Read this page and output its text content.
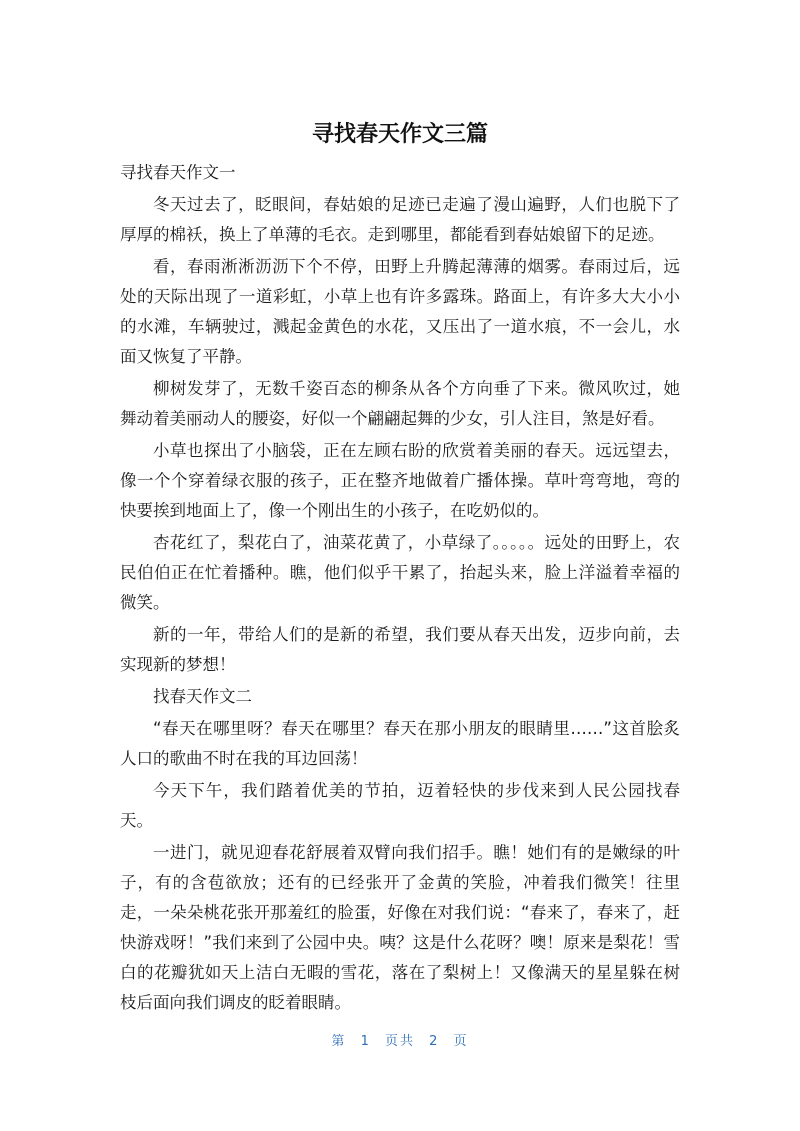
寻找春天作文三篇

寻找春天作文一

冬天过去了，眨眼间，春姑娘的足迹已走遍了漫山遍野，人们也脱下了厚厚的棉袄，换上了单薄的毛衣。走到哪里，都能看到春姑娘留下的足迹。

看，春雨淅淅沥沥下个不停，田野上升腾起薄薄的烟雾。春雨过后，远处的天际出现了一道彩虹，小草上也有许多露珠。路面上，有许多大大小小的水滩，车辆驶过，溅起金黄色的水花，又压出了一道水痕，不一会儿，水面又恢复了平静。

柳树发芽了，无数千姿百态的柳条从各个方向垂了下来。微风吹过，她舞动着美丽动人的腰姿，好似一个翩翩起舞的少女，引人注目，煞是好看。

小草也探出了小脑袋，正在左顾右盼的欣赏着美丽的春天。远远望去，像一个个穿着绿衣服的孩子，正在整齐地做着广播体操。草叶弯弯地，弯的快要挨到地面上了，像一个刚出生的小孩子，在吃奶似的。

杏花红了，梨花白了，油菜花黄了，小草绿了。。。。。远处的田野上，农民伯伯正在忙着播种。瞧，他们似乎干累了，抬起头来，脸上洋溢着幸福的微笑。

新的一年，带给人们的是新的希望，我们要从春天出发，迈步向前，去实现新的梦想！

找春天作文二

“春天在哪里呀？春天在哪里？春天在那小朋友的眼睛里……”这首脍炙人口的歌曲不时在我的耳边回荡！

今天下午，我们踏着优美的节拍，迈着轻快的步伐来到人民公园找春天。

一进门，就见迎春花舒展着双臂向我们招手。瞧！她们有的是嫩绿的叶子，有的含苞欲放；还有的已经张开了金黄的笑脸，冲着我们微笑！往里走，一朵朵桃花张开那羞红的脸蛋，好像在对我们说：“春来了，春来了，赶快游戏呀！”我们来到了公园中央。咦？这是什么花呀？噢！原来是梨花！雪白的花瓣犹如天上洁白无暇的雪花，落在了梨树上！又像满天的星星躲在树枝后面向我们调皮的眨着眼睛。

第 1 页共 2 页
